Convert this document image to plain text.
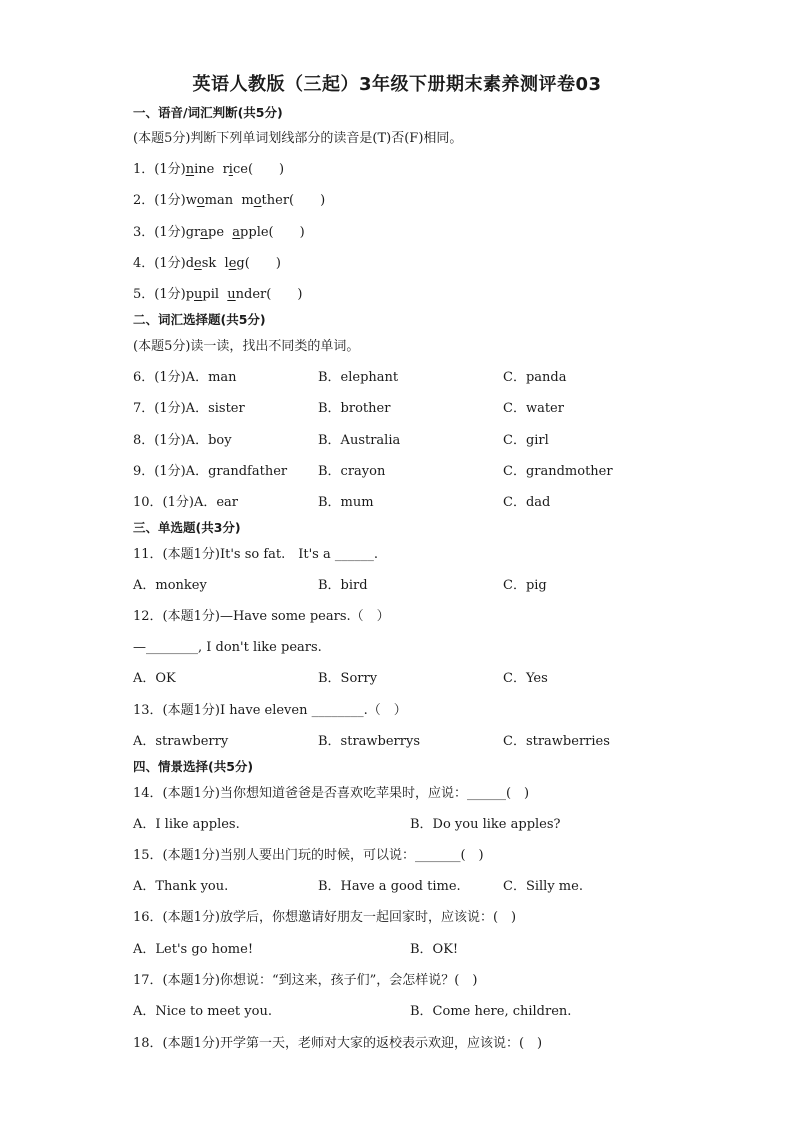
英语人教版（三起）3年级下册期末素养测评卷03
一、语音/词汇判断(共5分)
(本题5分)判断下列单词划线部分的读音是(T)否(F)相同。
1．(1分)nine rice(　　)
2．(1分)woman mother(　　)
3．(1分)grape apple(　　)
4．(1分)desk leg(　　)
5．(1分)pupil under(　　)
二、词汇选择题(共5分)
(本题5分)读一读，找出不同类的单词。
6．(1分)A．man	B．elephant	C．panda
7．(1分)A．sister	B．brother	C．water
8．(1分)A．boy	B．Australia	C．girl
9．(1分)A．grandfather B．crayon	C．grandmother
10．(1分)A．ear	B．mum	C．dad
三、单选题(共3分)
11．(本题1分)It's so fat.　It's a ______.
A．monkey	B．bird	C．pig
12．(本题1分)—Have some pears.（　）
—________, I don't like pears.
A．OK	B．Sorry	C．Yes
13．(本题1分)I have eleven ________.（　）
A．strawberry	B．strawberrys	C．strawberries
四、情景选择(共5分)
14．(本题1分)当你想知道爸爸是否喜欢吃苹果时，应说：______(　)
A．I like apples.	B．Do you like apples?
15．(本题1分)当别人要出门玩的时候，可以说：_______(　)
A．Thank you.	B．Have a good time.	C．Silly me.
16．(本题1分)放学后，你想邀请好朋友一起回家时，应该说：(　)
A．Let's go home!	B．OK!
17．(本题1分)你想说：“到这来，孩子们”，会怎样说？(　)
A．Nice to meet you.	B．Come here, children.
18．(本题1分)开学第一天，老师对大家的返校表示欢迎，应该说：(　)
